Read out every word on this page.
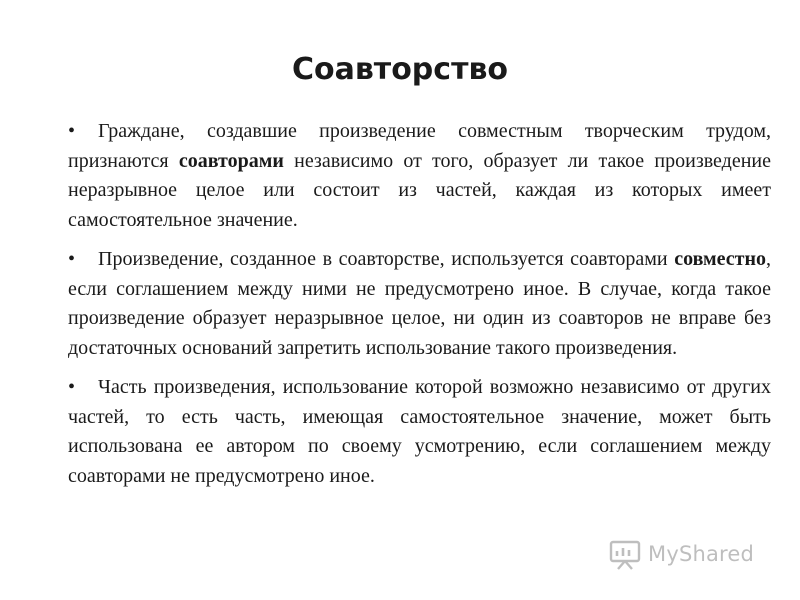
Соавторство

•Граждане, создавшие произведение совместным творческим трудом, признаются соавторами независимо от того, образует ли такое произведение неразрывное целое или состоит из частей, каждая из которых имеет самостоятельное значение.

•Произведение, созданное в соавторстве, используется соавторами совместно, если соглашением между ними не предусмотрено иное. В случае, когда такое произведение образует неразрывное целое, ни один из соавторов не вправе без достаточных оснований запретить использование такого произведения.

•Часть произведения, использование которой возможно независимо от других частей, то есть часть, имеющая самостоятельное значение, может быть использована ее автором по своему усмотрению, если соглашением между соавторами не предусмотрено иное.

MyShared
